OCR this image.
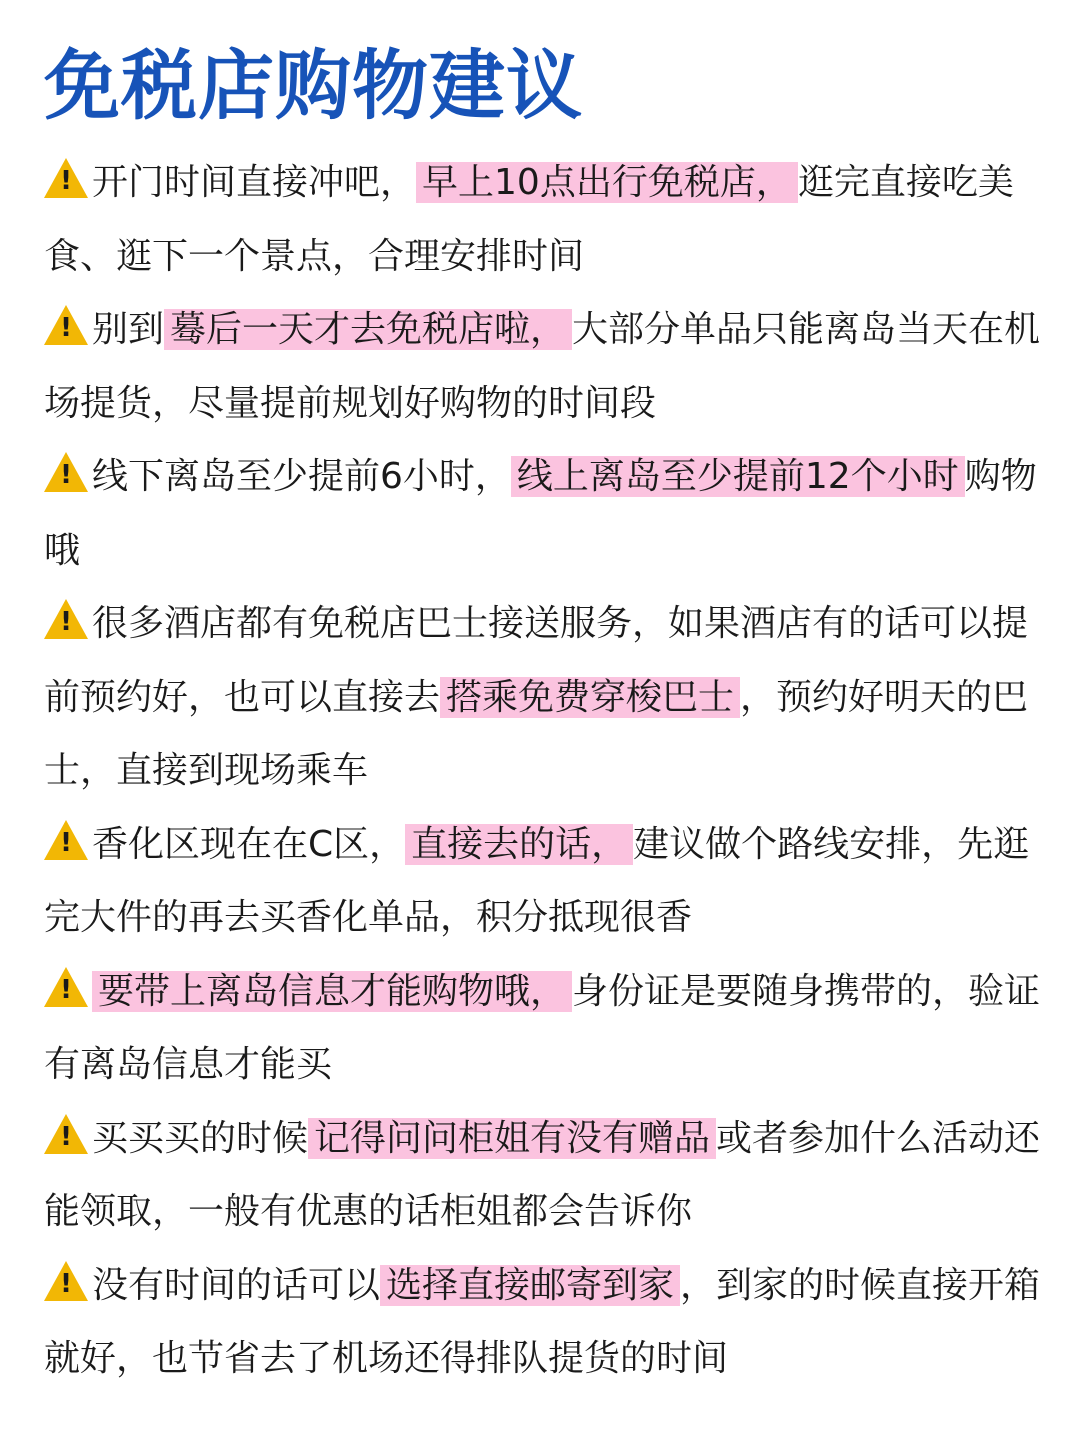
免税店购物建议

! 开门时间直接冲吧， 早上10点出行免税店， 逛完直接吃美食、逛下一个景点，合理安排时间

! 别到 蓦后一天才去免税店啦， 大部分单品只能离岛当天在机场提货，尽量提前规划好购物的时间段

! 线下离岛至少提前6小时， 线上离岛至少提前12个小时 购物哦

! 很多酒店都有免税店巴士接送服务，如果酒店有的话可以提前预约好，也可以直接去 搭乘免费穿梭巴士 ，预约好明天的巴士，直接到现场乘车

! 香化区现在在C区， 直接去的话， 建议做个路线安排，先逛完大件的再去买香化单品，积分抵现很香

! 要带上离岛信息才能购物哦， 身份证是要随身携带的，验证有离岛信息才能买

! 买买买的时候 记得问问柜姐有没有赠品 或者参加什么活动还能领取，一般有优惠的话柜姐都会告诉你

! 没有时间的话可以 选择直接邮寄到家 ，到家的时候直接开箱就好，也节省去了机场还得排队提货的时间
